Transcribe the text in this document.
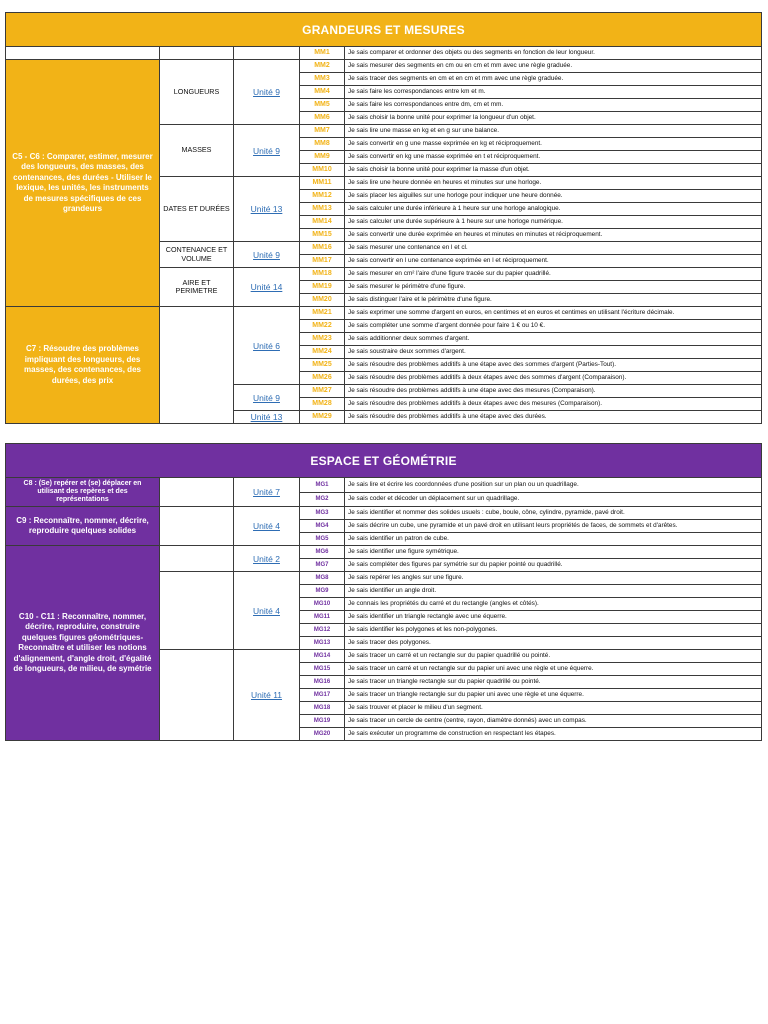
GRANDEURS ET MESURES				
			MM1	Je sais comparer et ordonner des objets ou des segments en fonction de leur longueur.
C5 - C6 : Comparer, estimer, mesurer des longueurs, des masses, des contenances, des durées - Utiliser le lexique, les unités, les instruments de mesures spécifiques de ces grandeurs	LONGUEURS	Unité 9	MM2	Je sais mesurer des segments en cm ou en cm et mm avec une règle graduée.
			MM3	Je sais tracer des segments en cm et en cm et mm avec une règle graduée.
			MM4	Je sais faire les correspondances entre km et m.
			MM5	Je sais faire les correspondances entre dm, cm et mm.
			MM6	Je sais choisir la bonne unité pour exprimer la longueur d'un objet.
	MASSES	Unité 9	MM7	Je sais lire une masse en kg et en g sur une balance.
			MM8	Je sais convertir en g une masse exprimée en kg et réciproquement.
			MM9	Je sais convertir en kg une masse exprimée en t et réciproquement.
			MM10	Je sais choisir la bonne unité pour exprimer la masse d'un objet.
	DATES ET DURÉES	Unité 13	MM11	Je sais lire une heure donnée en heures et minutes sur une horloge.
			MM12	Je sais placer les aiguilles sur une horloge pour indiquer une heure donnée.
			MM13	Je sais calculer une durée inférieure à 1 heure sur une horloge analogique.
			MM14	Je sais calculer une durée supérieure à 1 heure sur une horloge numérique.
			MM15	Je sais convertir une durée exprimée en heures et minutes en minutes et réciproquement.
	CONTENANCE ET VOLUME	Unité 9	MM16	Je sais mesurer une contenance en l et cl.
			MM17	Je sais convertir en l une contenance exprimée en l et réciproquement.
	AIRE ET PERIMETRE	Unité 14	MM18	Je sais mesurer en cm² l'aire d'une figure tracée sur du papier quadrillé.
			MM19	Je sais mesurer le périmètre d'une figure.
			MM20	Je sais distinguer l'aire et le périmètre d'une figure.
C7 : Résoudre des problèmes impliquant des longueurs, des masses, des contenances, des durées, des prix		Unité 6	MM21	Je sais exprimer une somme d'argent en euros, en centimes et en euros et centimes en utilisant l'écriture décimale.
			MM22	Je sais compléter une somme d'argent donnée pour faire 1 € ou 10 €.
			MM23	Je sais additionner deux sommes d'argent.
			MM24	Je sais soustraire deux sommes d'argent.
			MM25	Je sais résoudre des problèmes additifs à une étape avec des sommes d'argent (Parties-Tout).
			MM26	Je sais résoudre des problèmes additifs à deux étapes avec des sommes d'argent (Comparaison).
		Unité 9	MM27	Je sais résoudre des problèmes additifs à une étape avec des mesures (Comparaison).
			MM28	Je sais résoudre des problèmes additifs à deux étapes avec des mesures (Comparaison).
		Unité 13	MM29	Je sais résoudre des problèmes additifs à une étape avec des durées.
ESPACE ET GÉOMÉTRIE				
C8 : (Se) repérer et (se) déplacer en utilisant des repères et des représentations		Unité 7	MG1	Je sais lire et écrire les coordonnées d'une position sur un plan ou un quadrillage.
			MG2	Je sais coder et décoder un déplacement sur un quadrillage.
C9 : Reconnaître, nommer, décrire, reproduire quelques solides		Unité 4	MG3	Je sais identifier et nommer des solides usuels : cube, boule, cône, cylindre, pyramide, pavé droit.
			MG4	Je sais décrire un cube, une pyramide et un pavé droit en utilisant leurs propriétés de faces, de sommets et d'arêtes.
			MG5	Je sais identifier un patron de cube.
C10 - C11 : Reconnaître, nommer, décrire, reproduire, construire quelques figures géométriques- Reconnaître et utiliser les notions d'alignement, d'angle droit, d'égalité de longueurs, de milieu, de symétrie		Unité 2	MG6	Je sais identifier une figure symétrique.
			MG7	Je sais compléter des figures par symétrie sur du papier pointé ou quadrillé.
		Unité 4	MG8	Je sais repérer les angles sur une figure.
			MG9	Je sais identifier un angle droit.
			MG10	Je connais les propriétés du carré et du rectangle (angles et côtés).
			MG11	Je sais identifier un triangle rectangle avec une équerre.
			MG12	Je sais identifier les polygones et les non-polygones.
			MG13	Je sais tracer des polygones.
		Unité 11	MG14	Je sais tracer un carré et un rectangle sur du papier quadrillé ou pointé.
			MG15	Je sais tracer un carré et un rectangle sur du papier uni avec une règle et une équerre.
			MG16	Je sais tracer un triangle rectangle sur du papier quadrillé ou pointé.
			MG17	Je sais tracer un triangle rectangle sur du papier uni avec une règle et une équerre.
			MG18	Je sais trouver et placer le milieu d'un segment.
			MG19	Je sais tracer un cercle de centre (centre, rayon, diamètre donnés) avec un compas.
			MG20	Je sais exécuter un programme de construction en respectant les étapes.
